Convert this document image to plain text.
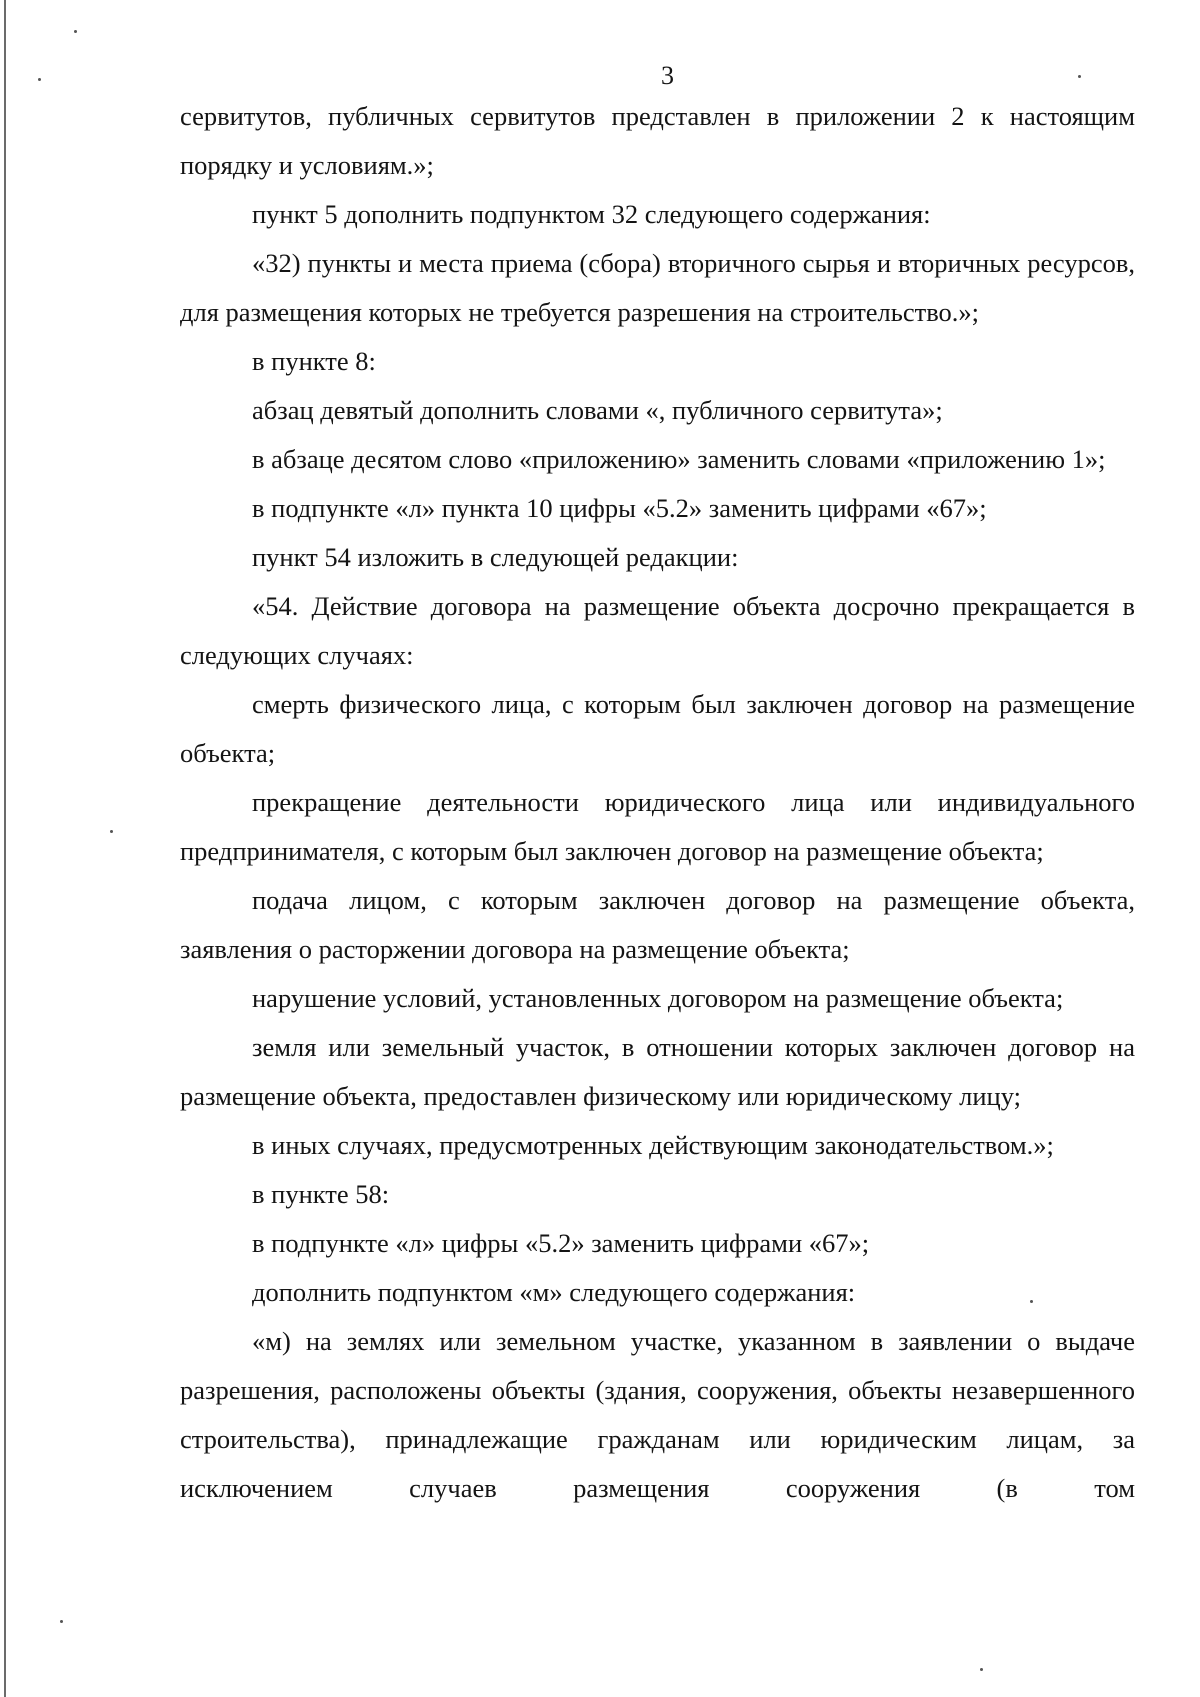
3

сервитутов, публичных сервитутов представлен в приложении 2 к настоящим порядку и условиям.»;

пункт 5 дополнить подпунктом 32 следующего содержания:

«32) пункты и места приема (сбора) вторичного сырья и вторичных ресурсов, для размещения которых не требуется разрешения на строительство.»;

в пункте 8:

абзац девятый дополнить словами «, публичного сервитута»;

в абзаце десятом слово «приложению» заменить словами «приложению 1»;

в подпункте «л» пункта 10 цифры «5.2» заменить цифрами «67»;

пункт 54 изложить в следующей редакции:

«54. Действие договора на размещение объекта досрочно прекращается в следующих случаях:

смерть физического лица, с которым был заключен договор на размещение объекта;

прекращение деятельности юридического лица или индивидуального предпринимателя, с которым был заключен договор на размещение объекта;

подача лицом, с которым заключен договор на размещение объекта, заявления о расторжении договора на размещение объекта;

нарушение условий, установленных договором на размещение объекта;

земля или земельный участок, в отношении которых заключен договор на размещение объекта, предоставлен физическому или юридическому лицу;

в иных случаях, предусмотренных действующим законодательством.»;

в пункте 58:

в подпункте «л» цифры «5.2» заменить цифрами «67»;

дополнить подпунктом «м» следующего содержания:

«м) на землях или земельном участке, указанном в заявлении о выдаче разрешения, расположены объекты (здания, сооружения, объекты незавершенного строительства), принадлежащие гражданам или юридическим лицам, за исключением случаев размещения сооружения (в том
